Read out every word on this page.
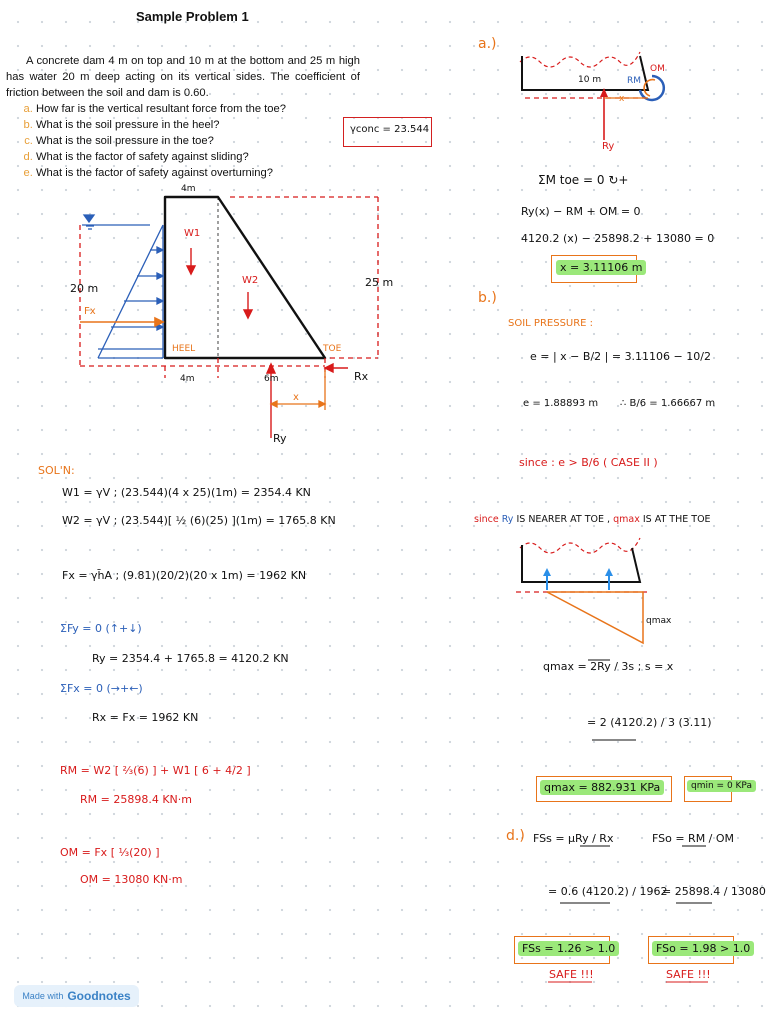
Sample Problem 1
A concrete dam 4 m on top and 10 m at the bottom and 25 m high has water 20 m deep acting on its vertical sides. The coefficient of friction between the soil and dam is 0.60.
a. How far is the vertical resultant force from the toe?
b. What is the soil pressure in the heel?
c. What is the soil pressure in the toe?
d. What is the factor of safety against sliding?
e. What is the factor of safety against overturning?
γconc = 23.544
4m
25 m
20 m
Fx
W1
W2
HEEL	TOE
4m	6m	Rx
Ry
x
SOL'N:
W1 = γV ; (23.544)(4 x 25)(1m) = 2354.4 KN
W2 = γV ; (23.544)[ ½ (6)(25) ](1m) = 1765.8 KN
Fx = γh̄A ; (9.81)(20/2)(20 x 1m) = 1962 KN
ΣFy = 0 (↑+↓)
Ry = 2354.4 + 1765.8 = 4120.2 KN
ΣFx = 0 (→+←)
Rx = Fx = 1962 KN
RM = W2 [ ⅔(6) ] + W1 [ 6 + 4/2 ]
RM = 25898.4 KN·m
OM = Fx [ ⅓(20) ]
OM = 13080 KN·m
a.)
10 m	RM
OM
x
Ry
ΣM toe = 0 ↻+
Ry(x) − RM + OM = 0
4120.2 (x) − 25898.2 + 13080 = 0
x = 3.11106 m
b.)
SOIL PRESSURE :
e = | x − B/2 | = 3.11106 − 10/2
e = 1.88893 m ∴ B/6 = 1.66667 m
since : e > B/6 ( CASE II )
since Ry IS NEARER AT TOE , qmax IS AT THE TOE
qmax
qmax = 2Ry / 3s ; s = x
= 2 (4120.2) / 3 (3.11)
qmax = 882.931 KPa	qmin = 0 KPa
d.) FSs = μRy / Rx
= 0.6 (4120.2) / 1962
FSs = 1.26 > 1.0
SAFE !!!
FSo = RM / OM
= 25898.4 / 13080
FSo = 1.98 > 1.0
SAFE !!!
Made with Goodnotes
